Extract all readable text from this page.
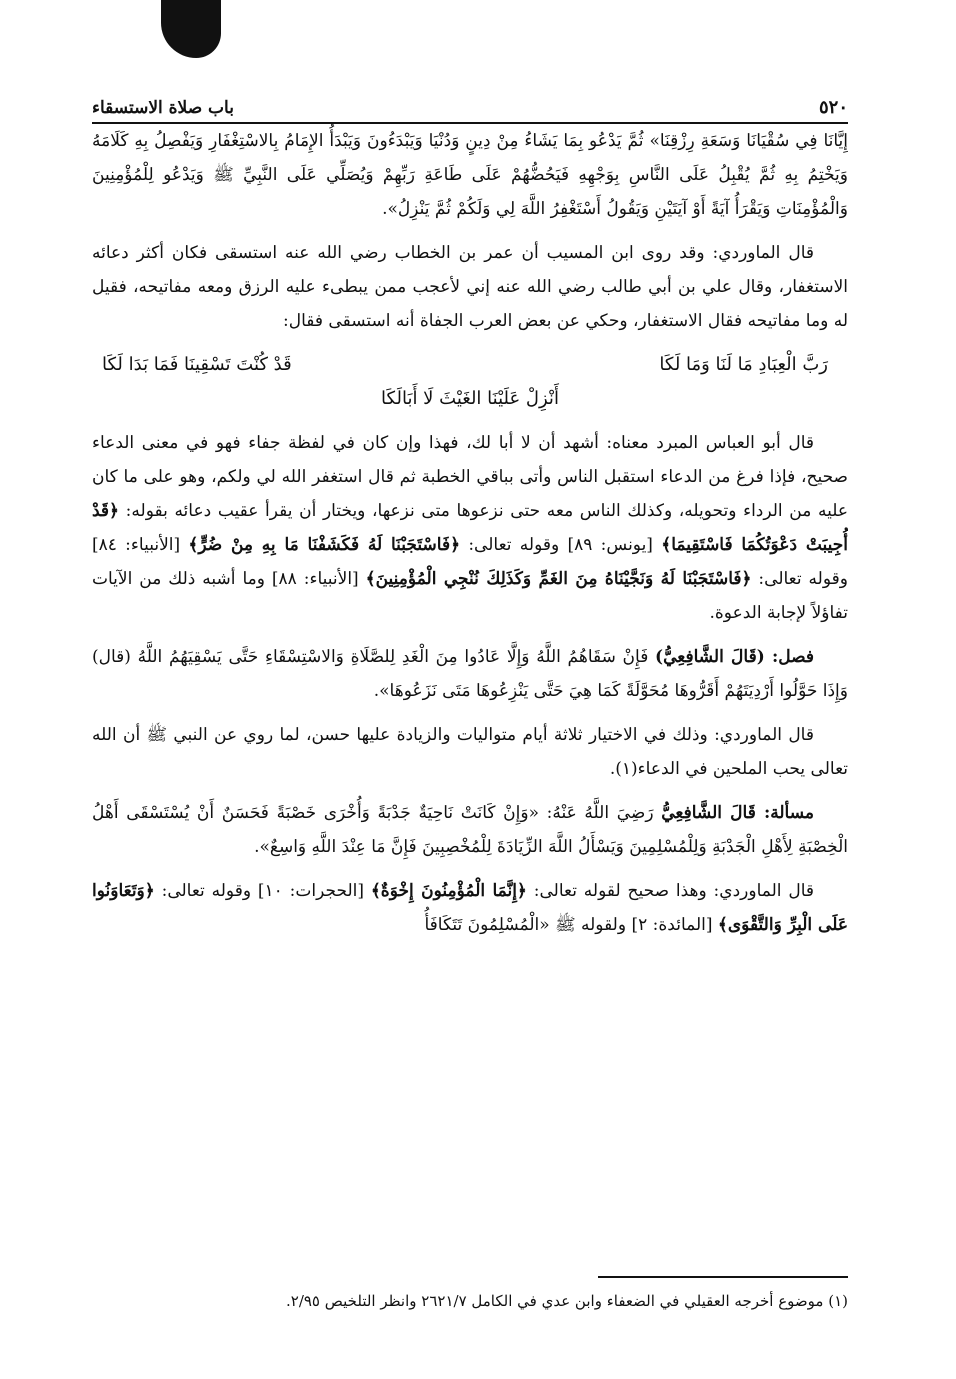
٥٢٠
باب صلاة الاستسقاء

إِيَّانَا فِي سُقْيَانَا وَسَعَةِ رِزْقِنَا» ثُمَّ يَدْعُو بِمَا يَشَاءُ مِنْ دِينٍ وَدُنْيَا وَيَبْدَءُونَ وَيَبْدَأُ الإِمَامُ بِالاسْتِغْفَارِ وَيَفْصِلُ بِهِ كَلَامَهُ وَيَخْتِمُ بِهِ ثُمَّ يُقْبِلُ عَلَى النَّاسِ بِوَجْهِهِ فَيَحُضُّهُمْ عَلَى طَاعَةِ رَبِّهِمْ وَيُصَلِّي عَلَى النَّبِيِّ ﷺ وَيَدْعُو لِلْمُؤْمِنِينَ وَالْمُؤْمِنَاتِ وَيَقْرَأُ آيَةً أَوْ آيَتَيْنِ وَيَقُولُ أَسْتَغْفِرُ اللَّهَ لِي وَلَكُمْ ثُمَّ يَنْزِلُ».

قال الماوردي: وقد روى ابن المسيب أن عمر بن الخطاب رضي الله عنه استسقى فكان أكثر دعائه الاستغفار، وقال علي بن أبي طالب رضي الله عنه إني لأعجب ممن يبطىء عليه الرزق ومعه مفاتيحه، فقيل له وما مفاتيحه فقال الاستغفار، وحكي عن بعض العرب الجفاة أنه استسقى فقال:

رَبَّ الْعِبَادِ مَا لَنَا وَمَا لَكَا
قَدْ كُنْتَ تَسْقِينَا فَمَا بَدَا لَكَا
أَنْزِلْ عَلَيْنَا الغَيْثَ لَا أَبَالَكَا

قال أبو العباس المبرد معناه: أشهد أن لا أبا لك، فهذا وإن كان في لفظة جفاء فهو في معنى الدعاء صحيح، فإذا فرغ من الدعاء استقبل الناس وأتى بباقي الخطبة ثم قال استغفر الله لي ولكم، وهو على ما كان عليه من الرداء وتحويله، وكذلك الناس معه حتى نزعوها متى نزعها، ويختار أن يقرأ عقيب دعائه بقوله: ﴿قَدْ أُجِيبَتْ دَعْوَتُكُمَا فَاسْتَقِيمَا﴾ [يونس: ٨٩] وقوله تعالى: ﴿فَاسْتَجَبْنَا لَهُ فَكَشَفْنَا مَا بِهِ مِنْ ضُرٍّ﴾ [الأنبياء: ٨٤] وقوله تعالى: ﴿فَاسْتَجَبْنَا لَهُ وَنَجَّيْنَاهُ مِنَ الغَمِّ وَكَذَلِكَ نُنْجِي الْمُؤْمِنِينَ﴾ [الأنبياء: ٨٨] وما أشبه ذلك من الآيات تفاؤلاً لإجابة الدعوة.

فصل: (قَالَ الشَّافِعِيُّ) فَإِنْ سَقَاهُمُ اللَّهُ وَإِلَّا عَادُوا مِنَ الْغَدِ لِلصَّلَاةِ وَالاسْتِسْقَاءِ حَتَّى يَسْقِيَهُمُ اللَّهُ (قال) وَإِذَا حَوَّلُوا أَرْدِيَتَهُمْ أَقَرُّوهَا مُحَوَّلَةً كَمَا هِيَ حَتَّى يَنْزِعُوهَا مَتَى نَزَعُوهَا».

قال الماوردي: وذلك في الاختيار ثلاثة أيام متواليات والزيادة عليها حسن، لما روي عن النبي ﷺ أن الله تعالى يحب الملحين في الدعاء(١).

مسألة: قَالَ الشَّافِعِيُّ رَضِيَ اللَّهُ عَنْهُ: «وَإِنْ كَانَتْ نَاحِيَةٌ جَدْبَةً وَأُخْرَى خَصْبَةً فَحَسَنٌ أَنْ يُسْتَسْقَى أَهْلُ الْخِصْبَةِ لِأَهْلِ الْجَدْبَةِ وَلِلْمُسْلِمِينَ وَيَسْأَلُ اللَّهَ الزِّيَادَةَ لِلْمُخْصِبِينَ فَإِنَّ مَا عِنْدَ اللَّهِ وَاسِعٌ».

قال الماوردي: وهذا صحيح لقوله تعالى: ﴿إِنَّمَا الْمُؤْمِنُونَ إِخْوَةٌ﴾ [الحجرات: ١٠] وقوله تعالى: ﴿وَتَعَاوَنُوا عَلَى الْبِرِّ وَالتَّقْوَى﴾ [المائدة: ٢] ولقوله ﷺ «الْمُسْلِمُونَ تَتَكَافَأُ

(١) موضوع أخرجه العقيلي في الضعفاء وابن عدي في الكامل ٢٦٢١/٧ وانظر التلخيص ٢/٩٥.
